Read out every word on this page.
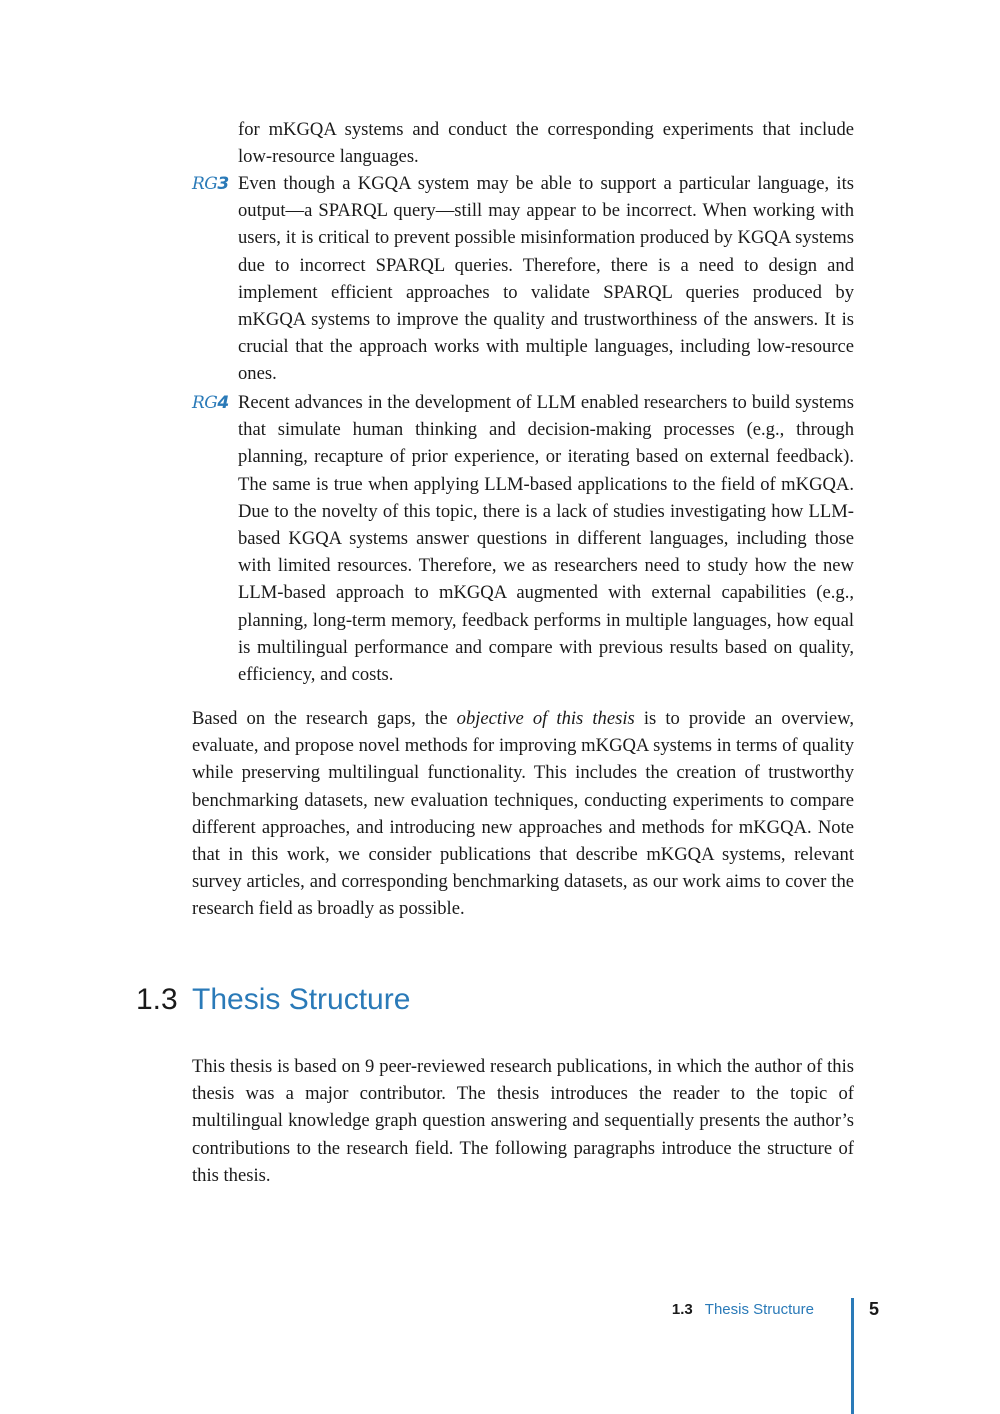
for mKGQA systems and conduct the corresponding experiments that include low-resource languages.
RG3 Even though a KGQA system may be able to support a particular language, its output—a SPARQL query—still may appear to be incorrect. When working with users, it is critical to prevent possible misinformation produced by KGQA systems due to incorrect SPARQL queries. Therefore, there is a need to design and implement efficient approaches to validate SPARQL queries produced by mKGQA systems to improve the quality and trustworthiness of the answers. It is crucial that the approach works with multiple languages, including low-resource ones.
RG4 Recent advances in the development of LLM enabled researchers to build systems that simulate human thinking and decision-making processes (e.g., through planning, recapture of prior experience, or iterating based on external feedback). The same is true when applying LLM-based applications to the field of mKGQA. Due to the novelty of this topic, there is a lack of studies investigating how LLM-based KGQA systems answer questions in different languages, including those with limited resources. Therefore, we as researchers need to study how the new LLM-based approach to mKGQA augmented with external capabilities (e.g., planning, long-term memory, feedback performs in multiple languages, how equal is multilingual performance and compare with previous results based on quality, efficiency, and costs.
Based on the research gaps, the objective of this thesis is to provide an overview, evaluate, and propose novel methods for improving mKGQA systems in terms of quality while preserving multilingual functionality. This includes the creation of trustworthy benchmarking datasets, new evaluation techniques, conducting experiments to compare different approaches, and introducing new approaches and methods for mKGQA. Note that in this work, we consider publications that describe mKGQA systems, relevant survey articles, and corresponding benchmarking datasets, as our work aims to cover the research field as broadly as possible.
1.3 Thesis Structure
This thesis is based on 9 peer-reviewed research publications, in which the author of this thesis was a major contributor. The thesis introduces the reader to the topic of multilingual knowledge graph question answering and sequentially presents the author’s contributions to the research field. The following paragraphs introduce the structure of this thesis.
1.3 Thesis Structure	5
